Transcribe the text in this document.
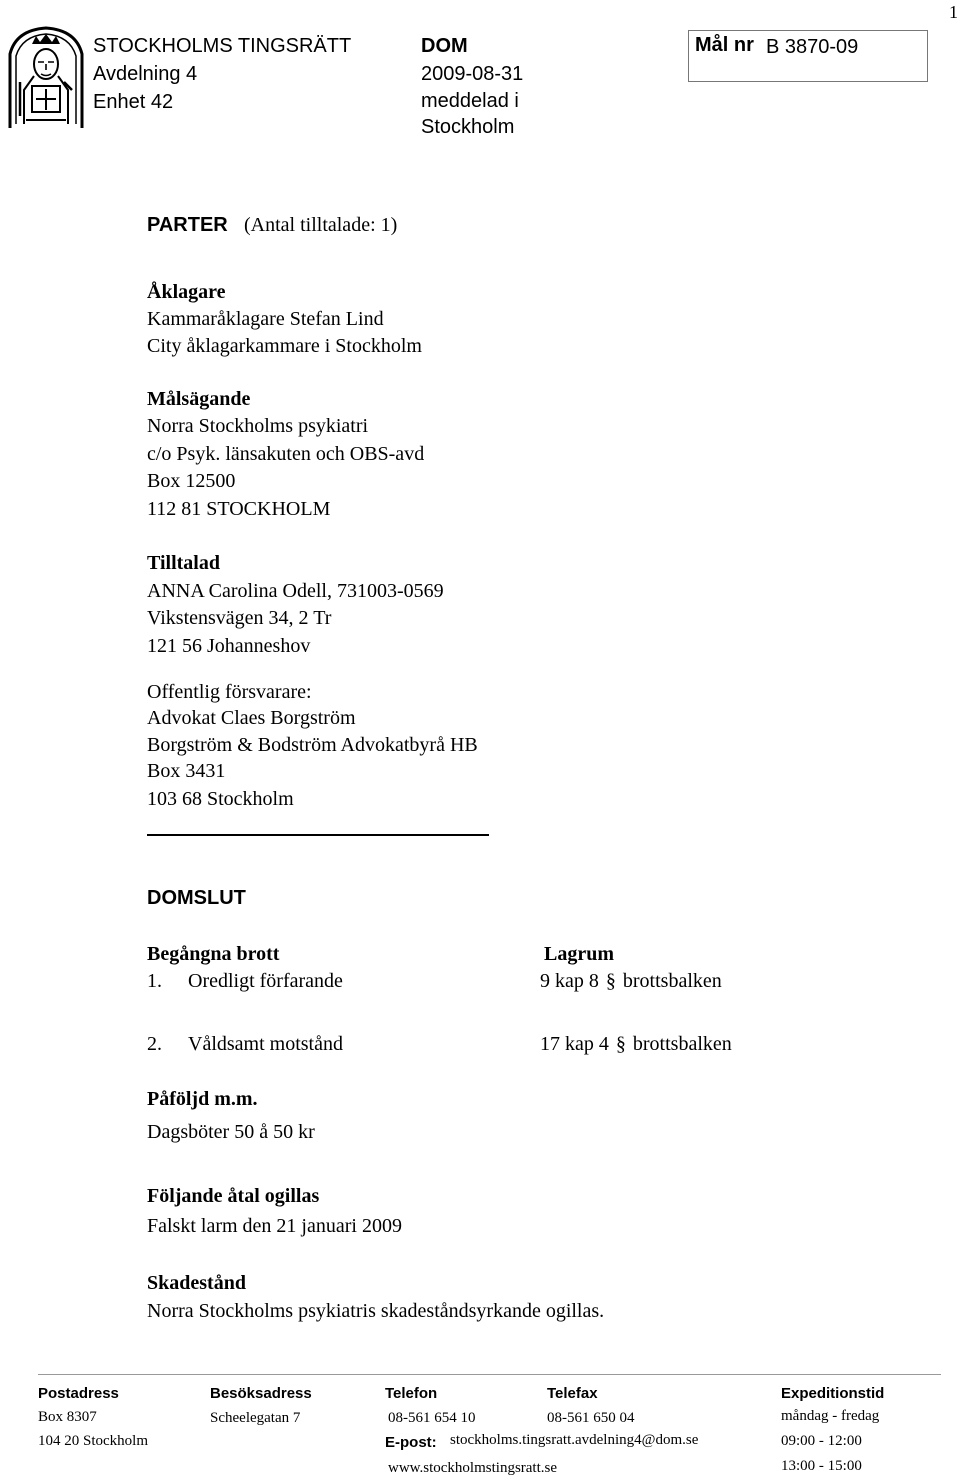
1
STOCKHOLMS TINGSRÄTT
Avdelning 4
Enhet 42
DOM
2009-08-31
meddelad i
Stockholm
Mål nr B 3870-09
PARTER (Antal tilltalade: 1)
Åklagare
Kammaråklagare Stefan Lind
City åklagarkammare i Stockholm
Målsägande
Norra Stockholms psykiatri
c/o Psyk. länsakuten och OBS-avd
Box 12500
112 81 STOCKHOLM
Tilltalad
ANNA Carolina Odell, 731003-0569
Vikstensvägen 34, 2 Tr
121 56 Johanneshov
Offentlig försvarare:
Advokat Claes Borgström
Borgström & Bodström Advokatbyrå HB
Box 3431
103 68 Stockholm
DOMSLUT
Begångna brott	Lagrum
1. Oredligt förfarande	9 kap 8 § brottsbalken
2. Våldsamt motstånd	17 kap 4 § brottsbalken
Påföljd m.m.
Dagsböter 50 å 50 kr
Följande åtal ogillas
Falskt larm den 21 januari 2009
Skadestånd
Norra Stockholms psykiatris skadeståndsyrkande ogillas.
Postadress
Box 8307
104 20 Stockholm
Besöksadress
Scheelegatan 7
Telefon
08-561 654 10
E-post: stockholms.tingsratt.avdelning4@dom.se
www.stockholmstingsratt.se
Telefax
08-561 650 04
Expeditionstid
måndag - fredag
09:00 - 12:00
13:00 - 15:00
